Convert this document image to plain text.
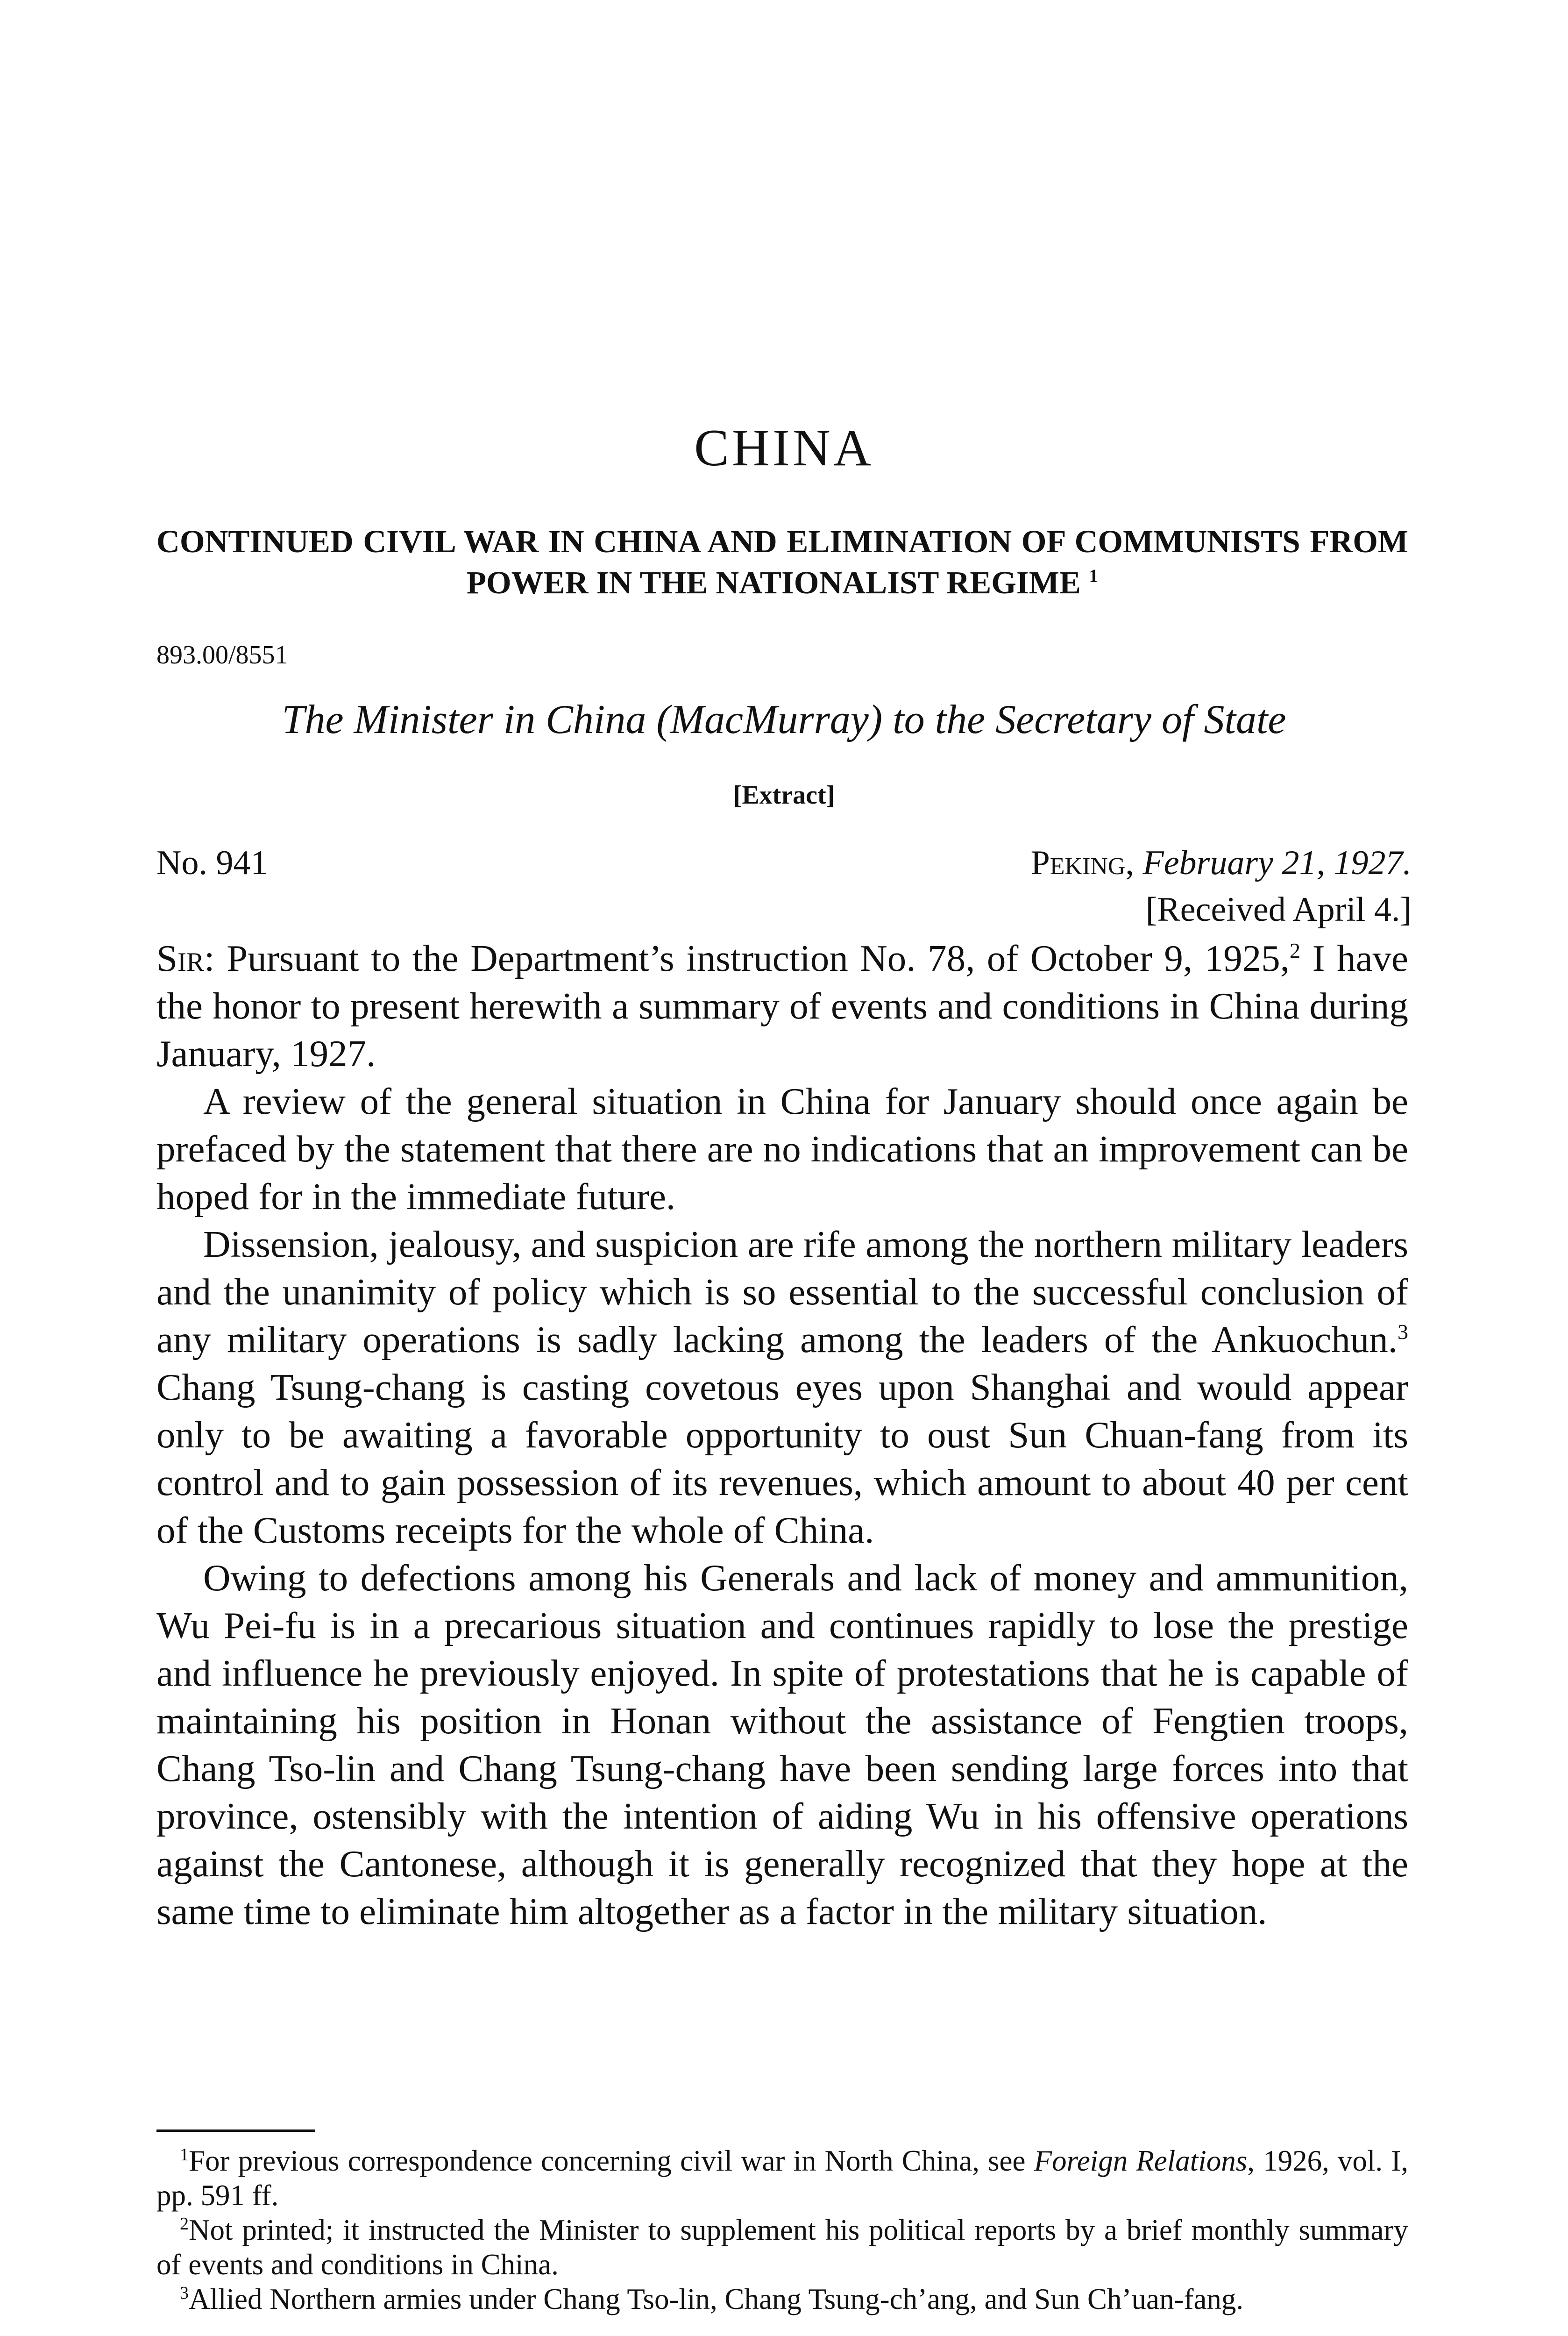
CHINA
CONTINUED CIVIL WAR IN CHINA AND ELIMINATION OF COMMUNISTS FROM POWER IN THE NATIONALIST REGIME $^1$
893.00/8551
The Minister in China (MacMurray) to the Secretary of State
[Extract]
No. 941	Peking, February 21, 1927.
[Received April 4.]

Sir: Pursuant to the Department’s instruction No. 78, of October 9, 1925,$^2$ I have the honor to present herewith a summary of events and conditions in China during January, 1927.

A review of the general situation in China for January should once again be prefaced by the statement that there are no indications that an improvement can be hoped for in the immediate future.

Dissension, jealousy, and suspicion are rife among the northern military leaders and the unanimity of policy which is so essential to the successful conclusion of any military operations is sadly lacking among the leaders of the Ankuochun.$^3$ Chang Tsung-chang is casting covetous eyes upon Shanghai and would appear only to be awaiting a favorable opportunity to oust Sun Chuan-fang from its control and to gain possession of its revenues, which amount to about 40 per cent of the Customs receipts for the whole of China.

Owing to defections among his Generals and lack of money and ammunition, Wu Pei-fu is in a precarious situation and continues rapidly to lose the prestige and influence he previously enjoyed. In spite of protestations that he is capable of maintaining his position in Honan without the assistance of Fengtien troops, Chang Tso-lin and Chang Tsung-chang have been sending large forces into that province, ostensibly with the intention of aiding Wu in his offensive operations against the Cantonese, although it is generally recognized that they hope at the same time to eliminate him altogether as a factor in the military situation.

$^1$For previous correspondence concerning civil war in North China, see Foreign Relations, 1926, vol. I, pp. 591 ff.

$^2$Not printed; it instructed the Minister to supplement his political reports by a brief monthly summary of events and conditions in China.

$^3$Allied Northern armies under Chang Tso-lin, Chang Tsung-ch’ang, and Sun Ch’uan-fang.
